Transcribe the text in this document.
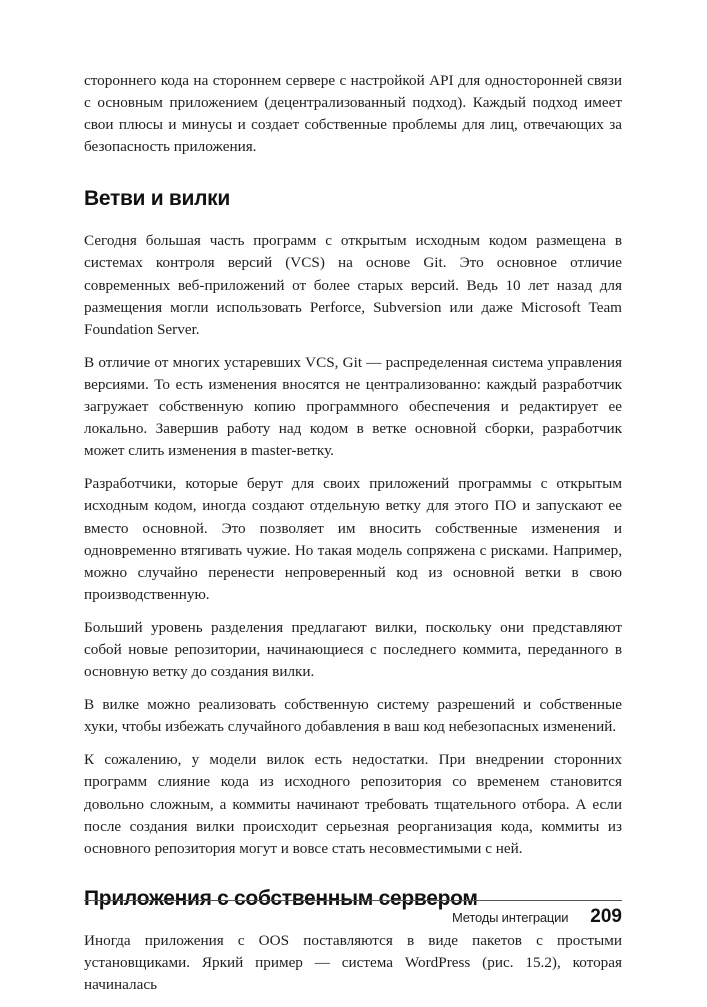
стороннего кода на стороннем сервере с настройкой API для односторонней связи с основным приложением (децентрализованный подход). Каждый подход имеет свои плюсы и минусы и создает собственные проблемы для лиц, отвечающих за безопасность приложения.

Ветви и вилки

Сегодня большая часть программ с открытым исходным кодом размещена в системах контроля версий (VCS) на основе Git. Это основное отличие современных веб-приложений от более старых версий. Ведь 10 лет назад для размещения могли использовать Perforce, Subversion или даже Microsoft Team Foundation Server.

В отличие от многих устаревших VCS, Git — распределенная система управления версиями. То есть изменения вносятся не централизованно: каждый разработчик загружает собственную копию программного обеспечения и редактирует ее локально. Завершив работу над кодом в ветке основной сборки, разработчик может слить изменения в master-ветку.

Разработчики, которые берут для своих приложений программы с открытым исходным кодом, иногда создают отдельную ветку для этого ПО и запускают ее вместо основной. Это позволяет им вносить собственные изменения и одновременно втягивать чужие. Но такая модель сопряжена с рисками. Например, можно случайно перенести непроверенный код из основной ветки в свою производственную.

Больший уровень разделения предлагают вилки, поскольку они представляют собой новые репозитории, начинающиеся с последнего коммита, переданного в основную ветку до создания вилки.

В вилке можно реализовать собственную систему разрешений и собственные хуки, чтобы избежать случайного добавления в ваш код небезопасных изменений.

К сожалению, у модели вилок есть недостатки. При внедрении сторонних программ слияние кода из исходного репозитория со временем становится довольно сложным, а коммиты начинают требовать тщательного отбора. А если после создания вилки происходит серьезная реорганизация кода, коммиты из основного репозитория могут и вовсе стать несовместимыми с ней.

Приложения с собственным сервером

Иногда приложения с OOS поставляются в виде пакетов с простыми установщиками. Яркий пример — система WordPress (рис. 15.2), которая начиналась

Методы интеграции 209
